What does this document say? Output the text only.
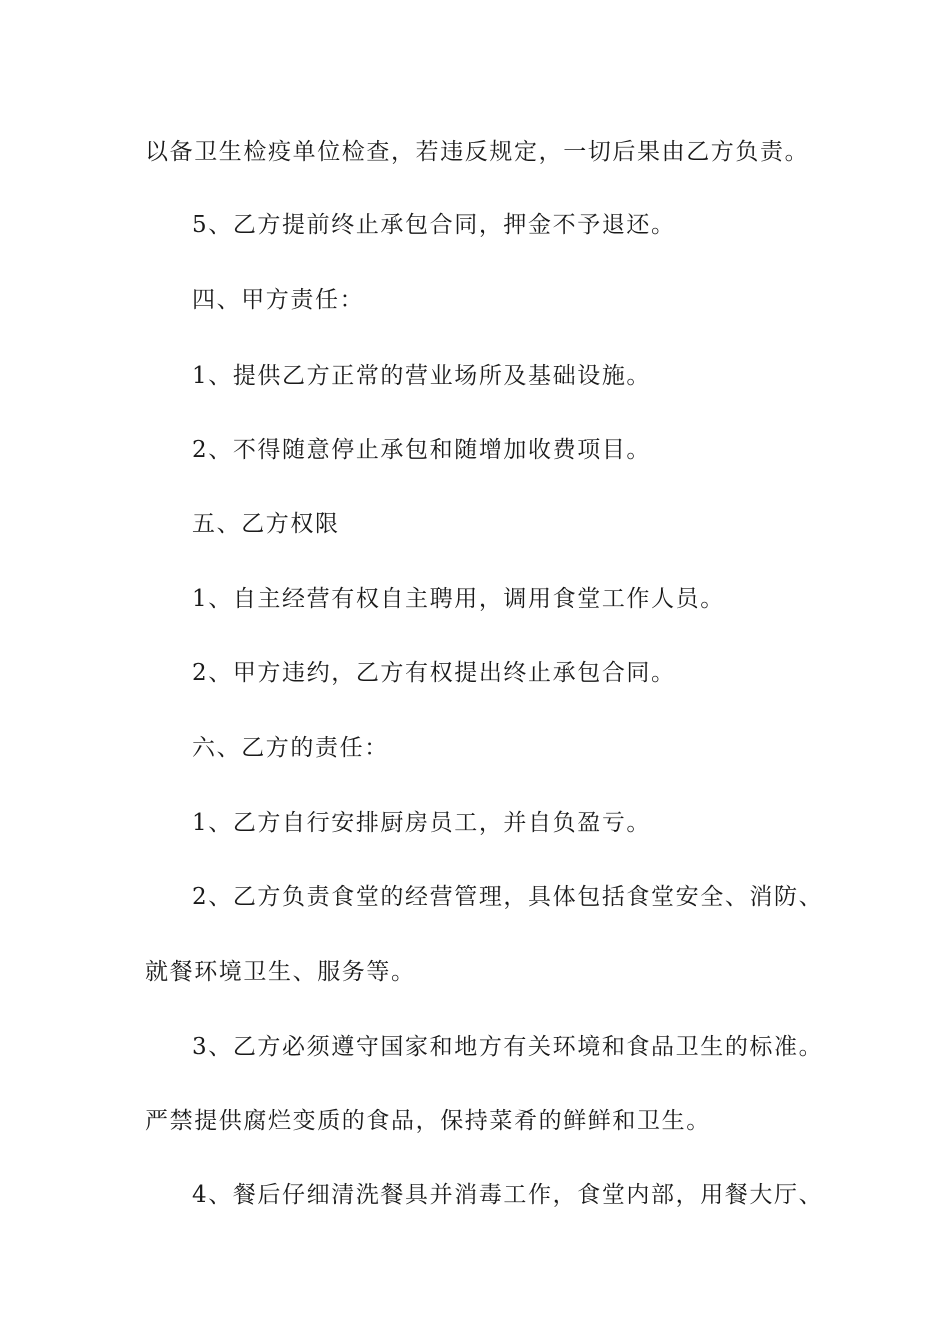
以备卫生检疫单位检查，若违反规定，一切后果由乙方负责。
5、乙方提前终止承包合同，押金不予退还。
四、甲方责任：
1、提供乙方正常的营业场所及基础设施。
2、不得随意停止承包和随增加收费项目。
五、乙方权限
1、自主经营有权自主聘用，调用食堂工作人员。
2、甲方违约，乙方有权提出终止承包合同。
六、乙方的责任：
1、乙方自行安排厨房员工，并自负盈亏。
2、乙方负责食堂的经营管理，具体包括食堂安全、消防、
就餐环境卫生、服务等。
3、乙方必须遵守国家和地方有关环境和食品卫生的标准。
严禁提供腐烂变质的食品，保持菜肴的鲜鲜和卫生。
4、餐后仔细清洗餐具并消毒工作，食堂内部，用餐大厅、
